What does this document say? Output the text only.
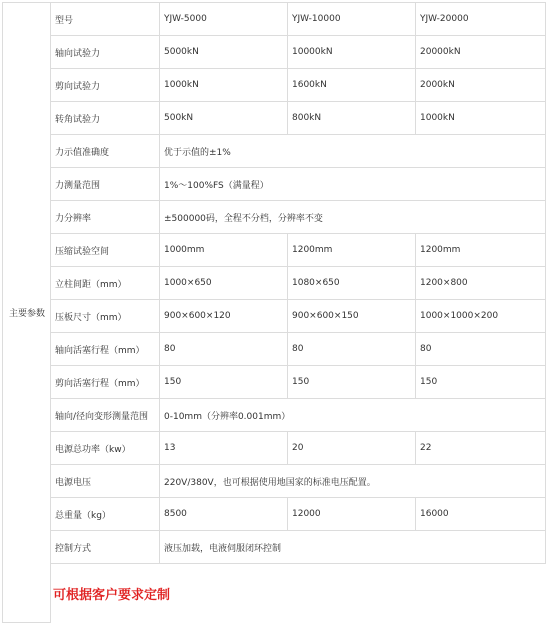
主要参数	型号	YJW-5000	YJW-10000	YJW-20000
	轴向试验力	5000kN	10000kN	20000kN
	剪向试验力	1000kN	1600kN	2000kN
	转角试验力	500kN	800kN	1000kN
	力示值准确度	优于示值的±1%		
	力测量范围	1%～100%FS（满量程）		
	力分辨率	±500000码，全程不分档，分辨率不变		
	压缩试验空间	1000mm	1200mm	1200mm
	立柱间距（mm）	1000×650	1080×650	1200×800
	压板尺寸（mm）	900×600×120	900×600×150	1000×1000×200
	轴向活塞行程（mm）	80	80	80
	剪向活塞行程（mm）	150	150	150
	轴向/径向变形测量范围	0-10mm（分辨率0.001mm）		
	电源总功率（kw）	13	20	22
	电源电压	220V/380V，也可根据使用地国家的标准电压配置。		
	总重量（kg）	8500	12000	16000
	控制方式	液压加载，电液伺服闭环控制		
	可根据客户要求定制			
